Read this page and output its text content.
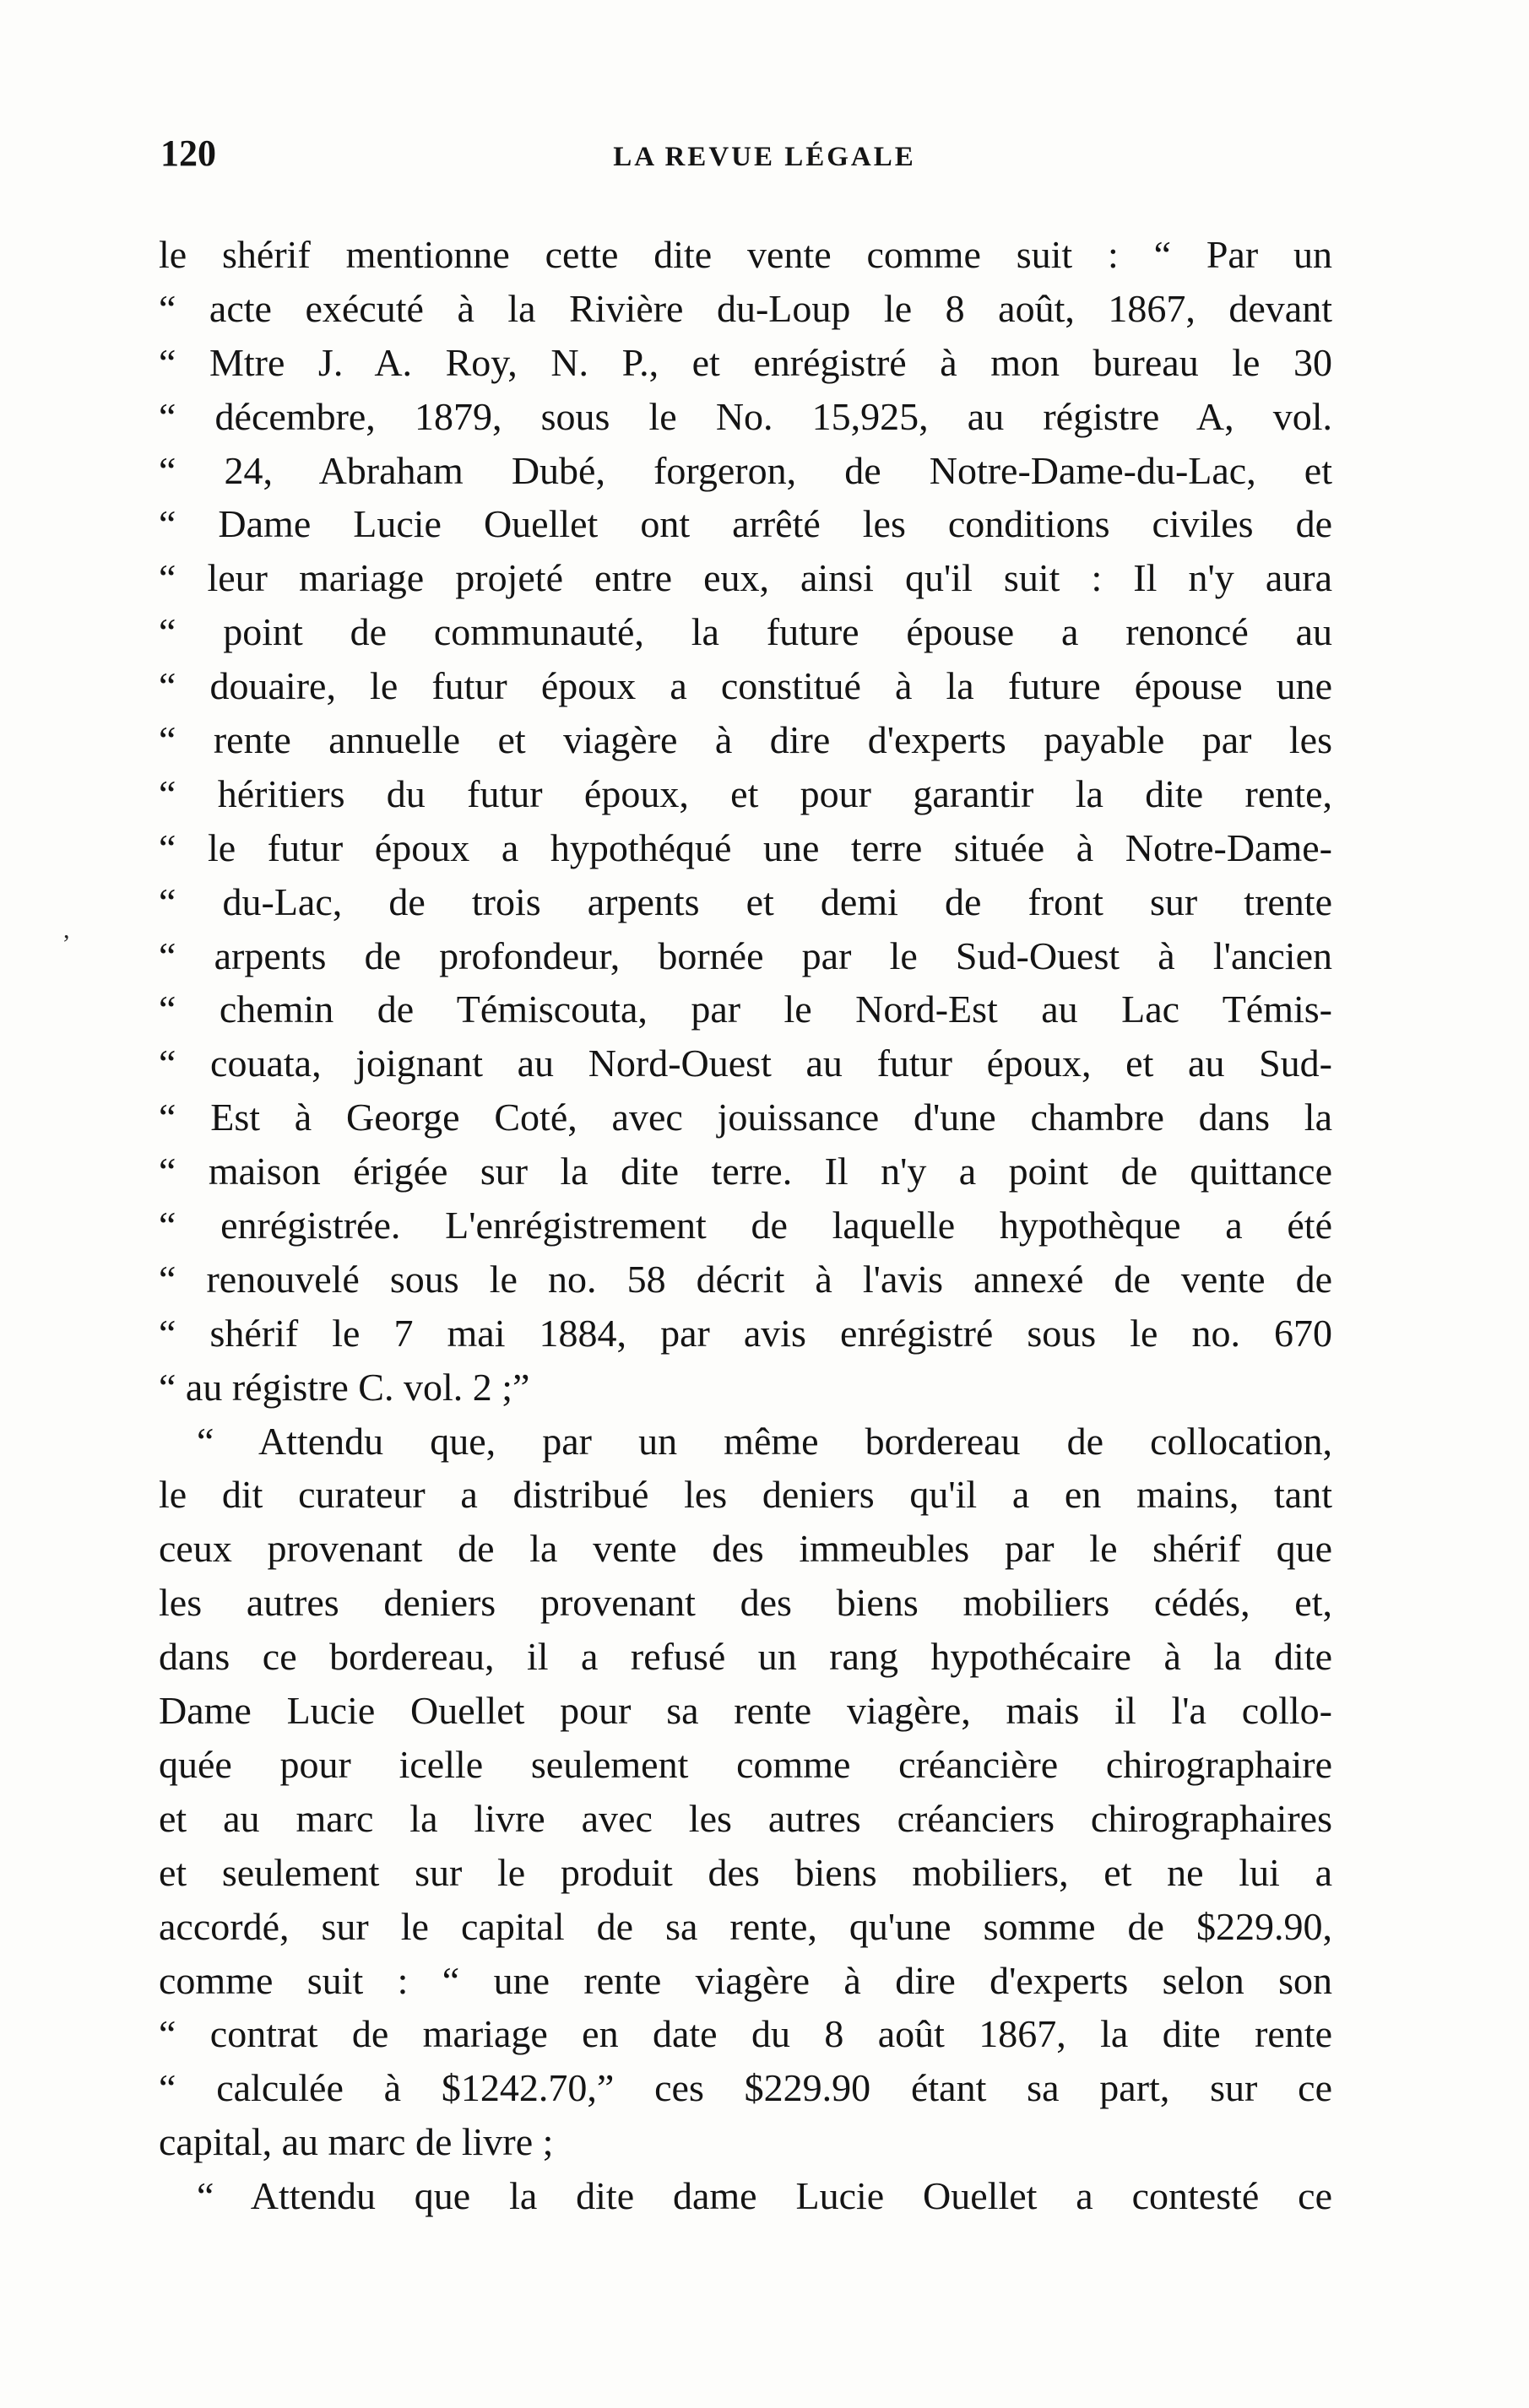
120	LA REVUE LÉGALE
,
le shérif mentionne cette dite vente comme suit : “ Par un
“ acte exécuté à la Rivière du-Loup le 8 août, 1867, devant
“ Mtre J. A. Roy, N. P., et enrégistré à mon bureau le 30
“ décembre, 1879, sous le No. 15,925, au régistre A, vol.
“ 24, Abraham Dubé, forgeron, de Notre-Dame-du-Lac, et
“ Dame Lucie Ouellet ont arrêté les conditions civiles de
“ leur mariage projeté entre eux, ainsi qu'il suit : Il n'y aura
“ point de communauté, la future épouse a renoncé au
“ douaire, le futur époux a constitué à la future épouse une
“ rente annuelle et viagère à dire d'experts payable par les
“ héritiers du futur époux, et pour garantir la dite rente,
“ le futur époux a hypothéqué une terre située à Notre-Dame-
“ du-Lac, de trois arpents et demi de front sur trente
“ arpents de profondeur, bornée par le Sud-Ouest à l'ancien
“ chemin de Témiscouta, par le Nord-Est au Lac Témis-
“ couata, joignant au Nord-Ouest au futur époux, et au Sud-
“ Est à George Coté, avec jouissance d'une chambre dans la
“ maison érigée sur la dite terre. Il n'y a point de quittance
“ enrégistrée. L'enrégistrement de laquelle hypothèque a été
“ renouvelé sous le no. 58 décrit à l'avis annexé de vente de
“ shérif le 7 mai 1884, par avis enrégistré sous le no. 670
“ au régistre C. vol. 2 ;”
“ Attendu que, par un même bordereau de collocation,
le dit curateur a distribué les deniers qu'il a en mains, tant
ceux provenant de la vente des immeubles par le shérif que
les autres deniers provenant des biens mobiliers cédés, et,
dans ce bordereau, il a refusé un rang hypothécaire à la dite
Dame Lucie Ouellet pour sa rente viagère, mais il l'a collo-
quée pour icelle seulement comme créancière chirographaire
et au marc la livre avec les autres créanciers chirographaires
et seulement sur le produit des biens mobiliers, et ne lui a
accordé, sur le capital de sa rente, qu'une somme de $229.90,
comme suit : “ une rente viagère à dire d'experts selon son
“ contrat de mariage en date du 8 août 1867, la dite rente
“ calculée à $1242.70,” ces $229.90 étant sa part, sur ce
capital, au marc de livre ;
“ Attendu que la dite dame Lucie Ouellet a contesté ce
